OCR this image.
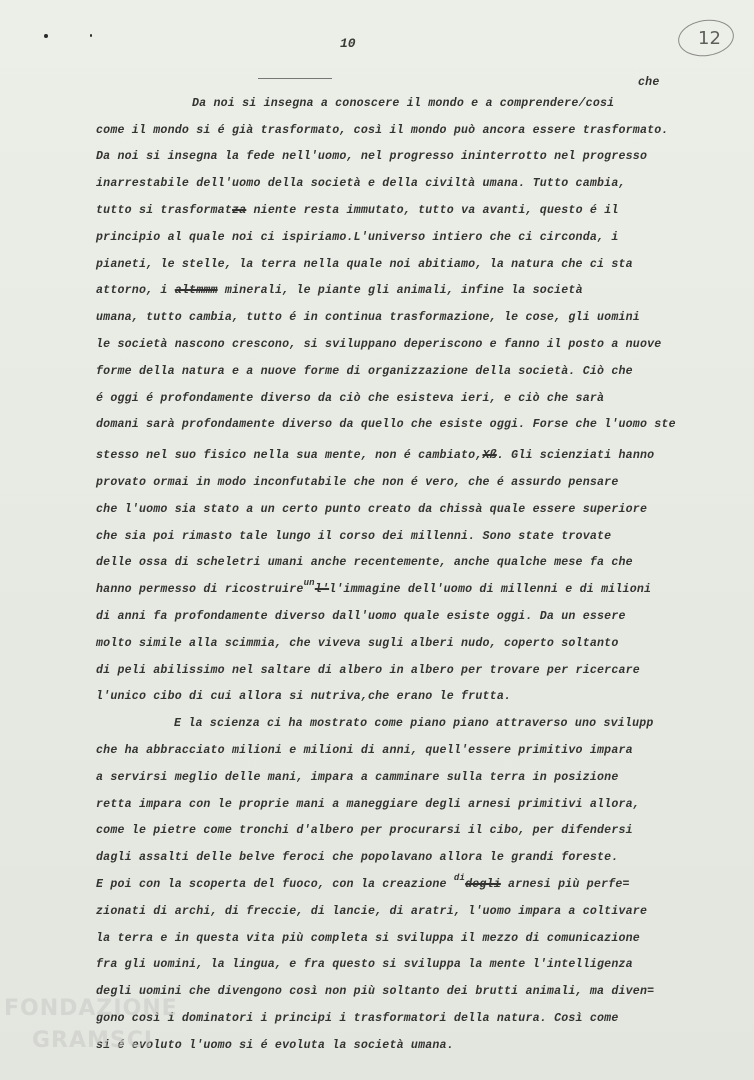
10	12
che
Da noi si insegna a conoscere il mondo e a comprendere/cosi
come il mondo si é già trasformato, così il mondo può ancora essere trasformato.
Da noi si insegna la fede nell'uomo, nel progresso ininterrotto nel progresso
inarrestabile dell'uomo della società e della civiltà umana. Tutto cambia,
tutto si trasformatza niente resta immutato, tutto va avanti, questo é il
principio al quale noi ci ispiriamo.L'universo intiero che ci circonda, i
pianeti, le stelle, la terra nella quale noi abitiamo, la natura che ci sta
attorno, i altmmm minerali, le piante gli animali, infine la società
umana, tutto cambia, tutto é in continua trasformazione, le cose, gli uomini
le società nascono crescono, si sviluppano deperiscono e fanno il posto a nuove
forme della natura e a nuove forme di organizzazione della società. Ciò che
é oggi é profondamente diverso da ciò che esisteva ieri, e ciò che sarà
domani sarà profondamente diverso da quello che esiste oggi. Forse che l'uomo ste
stesso nel suo fisico nella sua mente, non é cambiato,Xß. Gli scienziati hanno
provato ormai in modo inconfutabile che non é vero, che é assurdo pensare
che l'uomo sia stato a un certo punto creato da chissà quale essere superiore
che sia poi rimasto tale lungo il corso dei millenni. Sono state trovate
delle ossa di scheletri umani anche recentemente, anche qualche mese fa che
hanno permesso di ricostruire$^{un}$l'l'immagine dell'uomo di millenni e di milioni
di anni fa profondamente diverso dall'uomo quale esiste oggi. Da un essere
molto simile alla scimmia, che viveva sugli alberi nudo, coperto soltanto
di peli abilissimo nel saltare di albero in albero per trovare per ricercare
l'unico cibo di cui allora si nutriva,che erano le frutta.
E la scienza ci ha mostrato come piano piano attraverso uno svilupp
che ha abbracciato milioni e milioni di anni, quell'essere primitivo impara
a servirsi meglio delle mani, impara a camminare sulla terra in posizione
retta impara con le proprie mani a maneggiare degli arnesi primitivi allora,
come le pietre come tronchi d'albero per procurarsi il cibo, per difendersi
dagli assalti delle belve feroci che popolavano allora le grandi foreste.
E poi con la scoperta del fuoco, con la creazione $^{di}$degli arnesi più perfe=
zionati di archi, di freccie, di lancie, di aratri, l'uomo impara a coltivare
la terra e in questa vita più completa si sviluppa il mezzo di comunicazione
fra gli uomini, la lingua, e fra questo si sviluppa la mente l'intelligenza
degli uomini che divengono così non più soltanto dei brutti animali, ma diven=
gono così i dominatori i principi i trasformatori della natura. Così come
si é evoluto l'uomo si é evoluta la società umana.
FONDAZIONE
GRAMSCI
